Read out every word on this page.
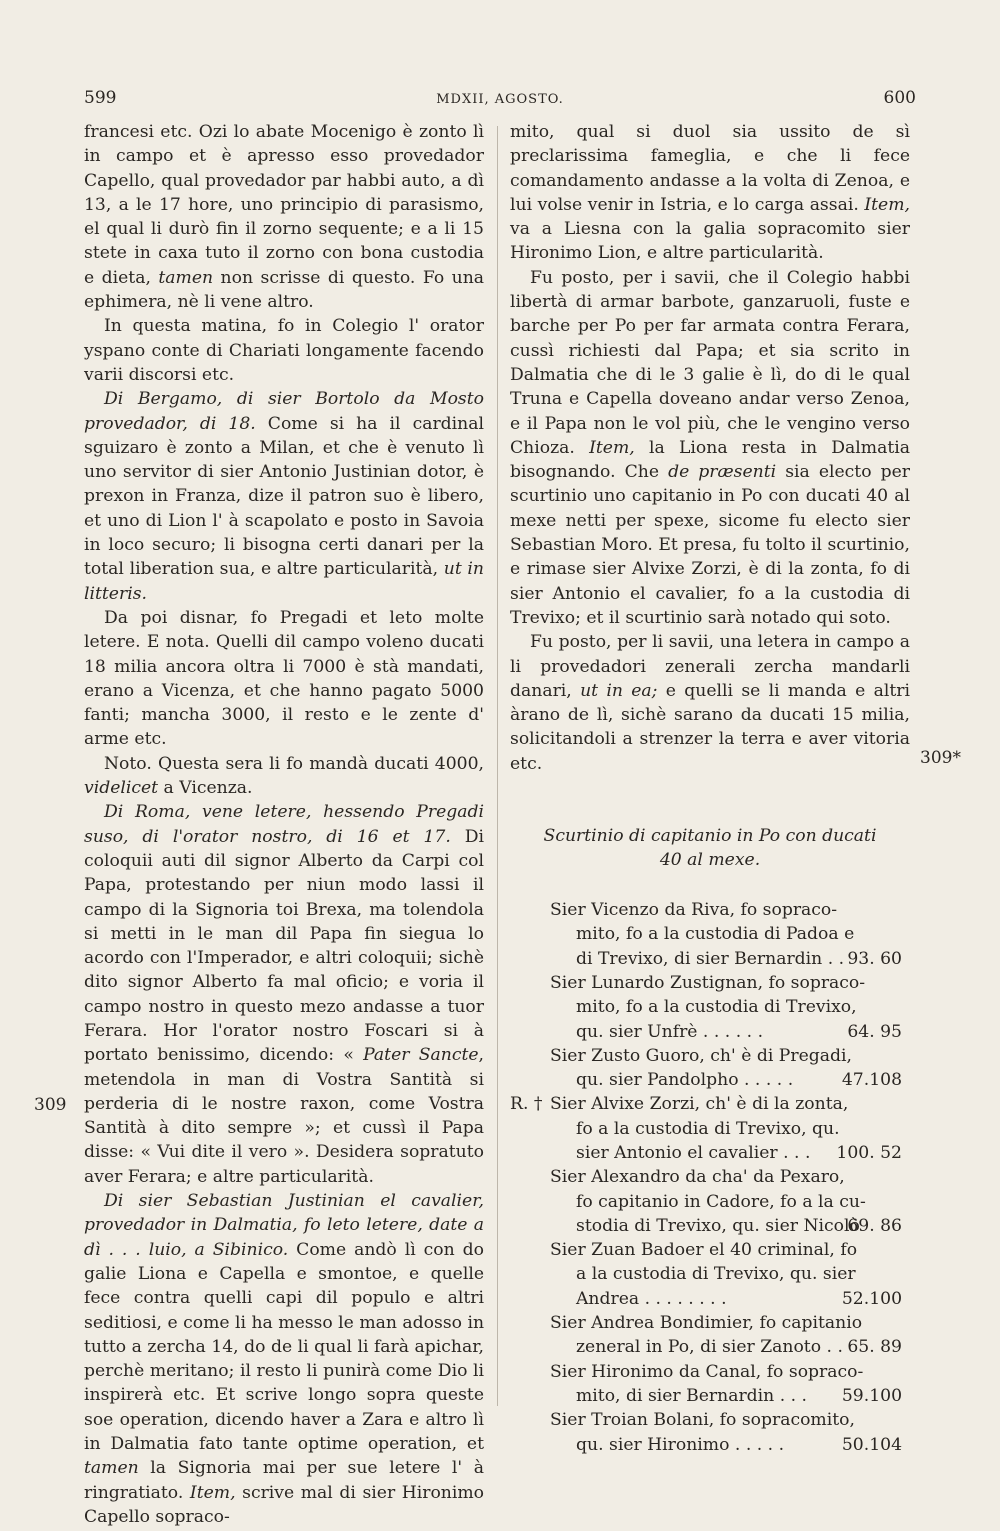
599	MDXII, AGOSTO.	600
309
309*

francesi etc. Ozi lo abate Mocenigo è zonto lì in campo et è apresso esso provedador Capello, qual provedador par habbi auto, a dì 13, a le 17 hore, uno principio di parasismo, el qual li durò fin il zorno sequente; e a li 15 stete in caxa tuto il zorno con bona custodia e dieta, tamen non scrisse di questo. Fo una ephimera, nè li vene altro.

In questa matina, fo in Colegio l' orator yspano conte di Chariati longamente facendo varii discorsi etc.

Di Bergamo, di sier Bortolo da Mosto provedador, di 18. Come si ha il cardinal sguizaro è zonto a Milan, et che è venuto lì uno servitor di sier Antonio Justinian dotor, è prexon in Franza, dize il patron suo è libero, et uno di Lion l' à scapolato e posto in Savoia in loco securo; li bisogna certi danari per la total liberation sua, e altre particularità, ut in litteris.

Da poi disnar, fo Pregadi et leto molte letere. E nota. Quelli dil campo voleno ducati 18 milia ancora oltra li 7000 è stà mandati, erano a Vicenza, et che hanno pagato 5000 fanti; mancha 3000, il resto e le zente d' arme etc.

Noto. Questa sera li fo mandà ducati 4000, videlicet a Vicenza.

Di Roma, vene letere, hessendo Pregadi suso, di l'orator nostro, di 16 et 17. Di coloquii auti dil signor Alberto da Carpi col Papa, protestando per niun modo lassi il campo di la Signoria toi Brexa, ma tolendola si metti in le man dil Papa fin siegua lo acordo con l'Imperador, e altri coloquii; sichè dito signor Alberto fa mal oficio; e voria il campo nostro in questo mezo andasse a tuor Ferara. Hor l'orator nostro Foscari si à portato benissimo, dicendo: « Pater Sancte, metendola in man di Vostra Santità si perderia di le nostre raxon, come Vostra Santità à dito sempre »; et cussì il Papa disse: « Vui dite il vero ». Desidera sopratuto aver Ferara; e altre particularità.

Di sier Sebastian Justinian el cavalier, provedador in Dalmatia, fo leto letere, date a dì . . . luio, a Sibinico. Come andò lì con do galie Liona e Capella e smontoe, e quelle fece contra quelli capi dil populo e altri seditiosi, e come li ha messo le man adosso in tutto a zercha 14, do de li qual li farà apichar, perchè meritano; il resto li punirà come Dio li inspirerà etc. Et scrive longo sopra queste soe operation, dicendo haver a Zara e altro lì in Dalmatia fato tante optime operation, et tamen la Signoria mai per sue letere l' à ringratiato. Item, scrive mal di sier Hironimo Capello sopraco-

mito, qual si duol sia ussito de sì preclarissima fameglia, e che li fece comandamento andasse a la volta di Zenoa, e lui volse venir in Istria, e lo carga assai. Item, va a Liesna con la galia sopracomito sier Hironimo Lion, e altre particularità.

Fu posto, per i savii, che il Colegio habbi libertà di armar barbote, ganzaruoli, fuste e barche per Po per far armata contra Ferara, cussì richiesti dal Papa; et sia scrito in Dalmatia che di le 3 galie è lì, do di le qual Truna e Capella doveano andar verso Zenoa, e il Papa non le vol più, che le vengino verso Chioza. Item, la Liona resta in Dalmatia bisognando. Che de præsenti sia electo per scurtinio uno capitanio in Po con ducati 40 al mexe netti per spexe, sicome fu electo sier Sebastian Moro. Et presa, fu tolto il scurtinio, e rimase sier Alvixe Zorzi, è di la zonta, fo di sier Antonio el cavalier, fo a la custodia di Trevixo; et il scurtinio sarà notado qui soto.

Fu posto, per li savii, una letera in campo a li provedadori zenerali zercha mandarli danari, ut in ea; e quelli se li manda e altri àrano de lì, sichè sarano da ducati 15 milia, solicitandoli a strenzer la terra e aver vitoria etc.

Scurtinio di capitanio in Po con ducati
40 al mexe.
Sier Vicenzo da Riva, fo sopraco-
mito, fo a la custodia di Padoa e
di Trevixo, di sier Bernardin . . 93. 60
Sier Lunardo Zustignan, fo sopraco-
mito, fo a la custodia di Trevixo,
qu. sier Unfrè . . . . . .	64. 95
Sier Zusto Guoro, ch' è di Pregadi,
qu. sier Pandolpho . . . . .	47.108
R. † Sier Alvixe Zorzi, ch' è di la zonta,
fo a la custodia di Trevixo, qu.
sier Antonio el cavalier . . .	100. 52
Sier Alexandro da cha' da Pexaro,
fo capitanio in Cadore, fo a la cu-
stodia di Trevixo, qu. sier Nicolò
69. 86
Sier Zuan Badoer el 40 criminal, fo
a la custodia di Trevixo, qu. sier
Andrea . . . . . . . .	52.100
Sier Andrea Bondimier, fo capitanio
zeneral in Po, di sier Zanoto . . 65. 89
Sier Hironimo da Canal, fo sopraco-
mito, di sier Bernardin . . .	59.100
Sier Troian Bolani, fo sopracomito,
qu. sier Hironimo . . . . .	50.104
